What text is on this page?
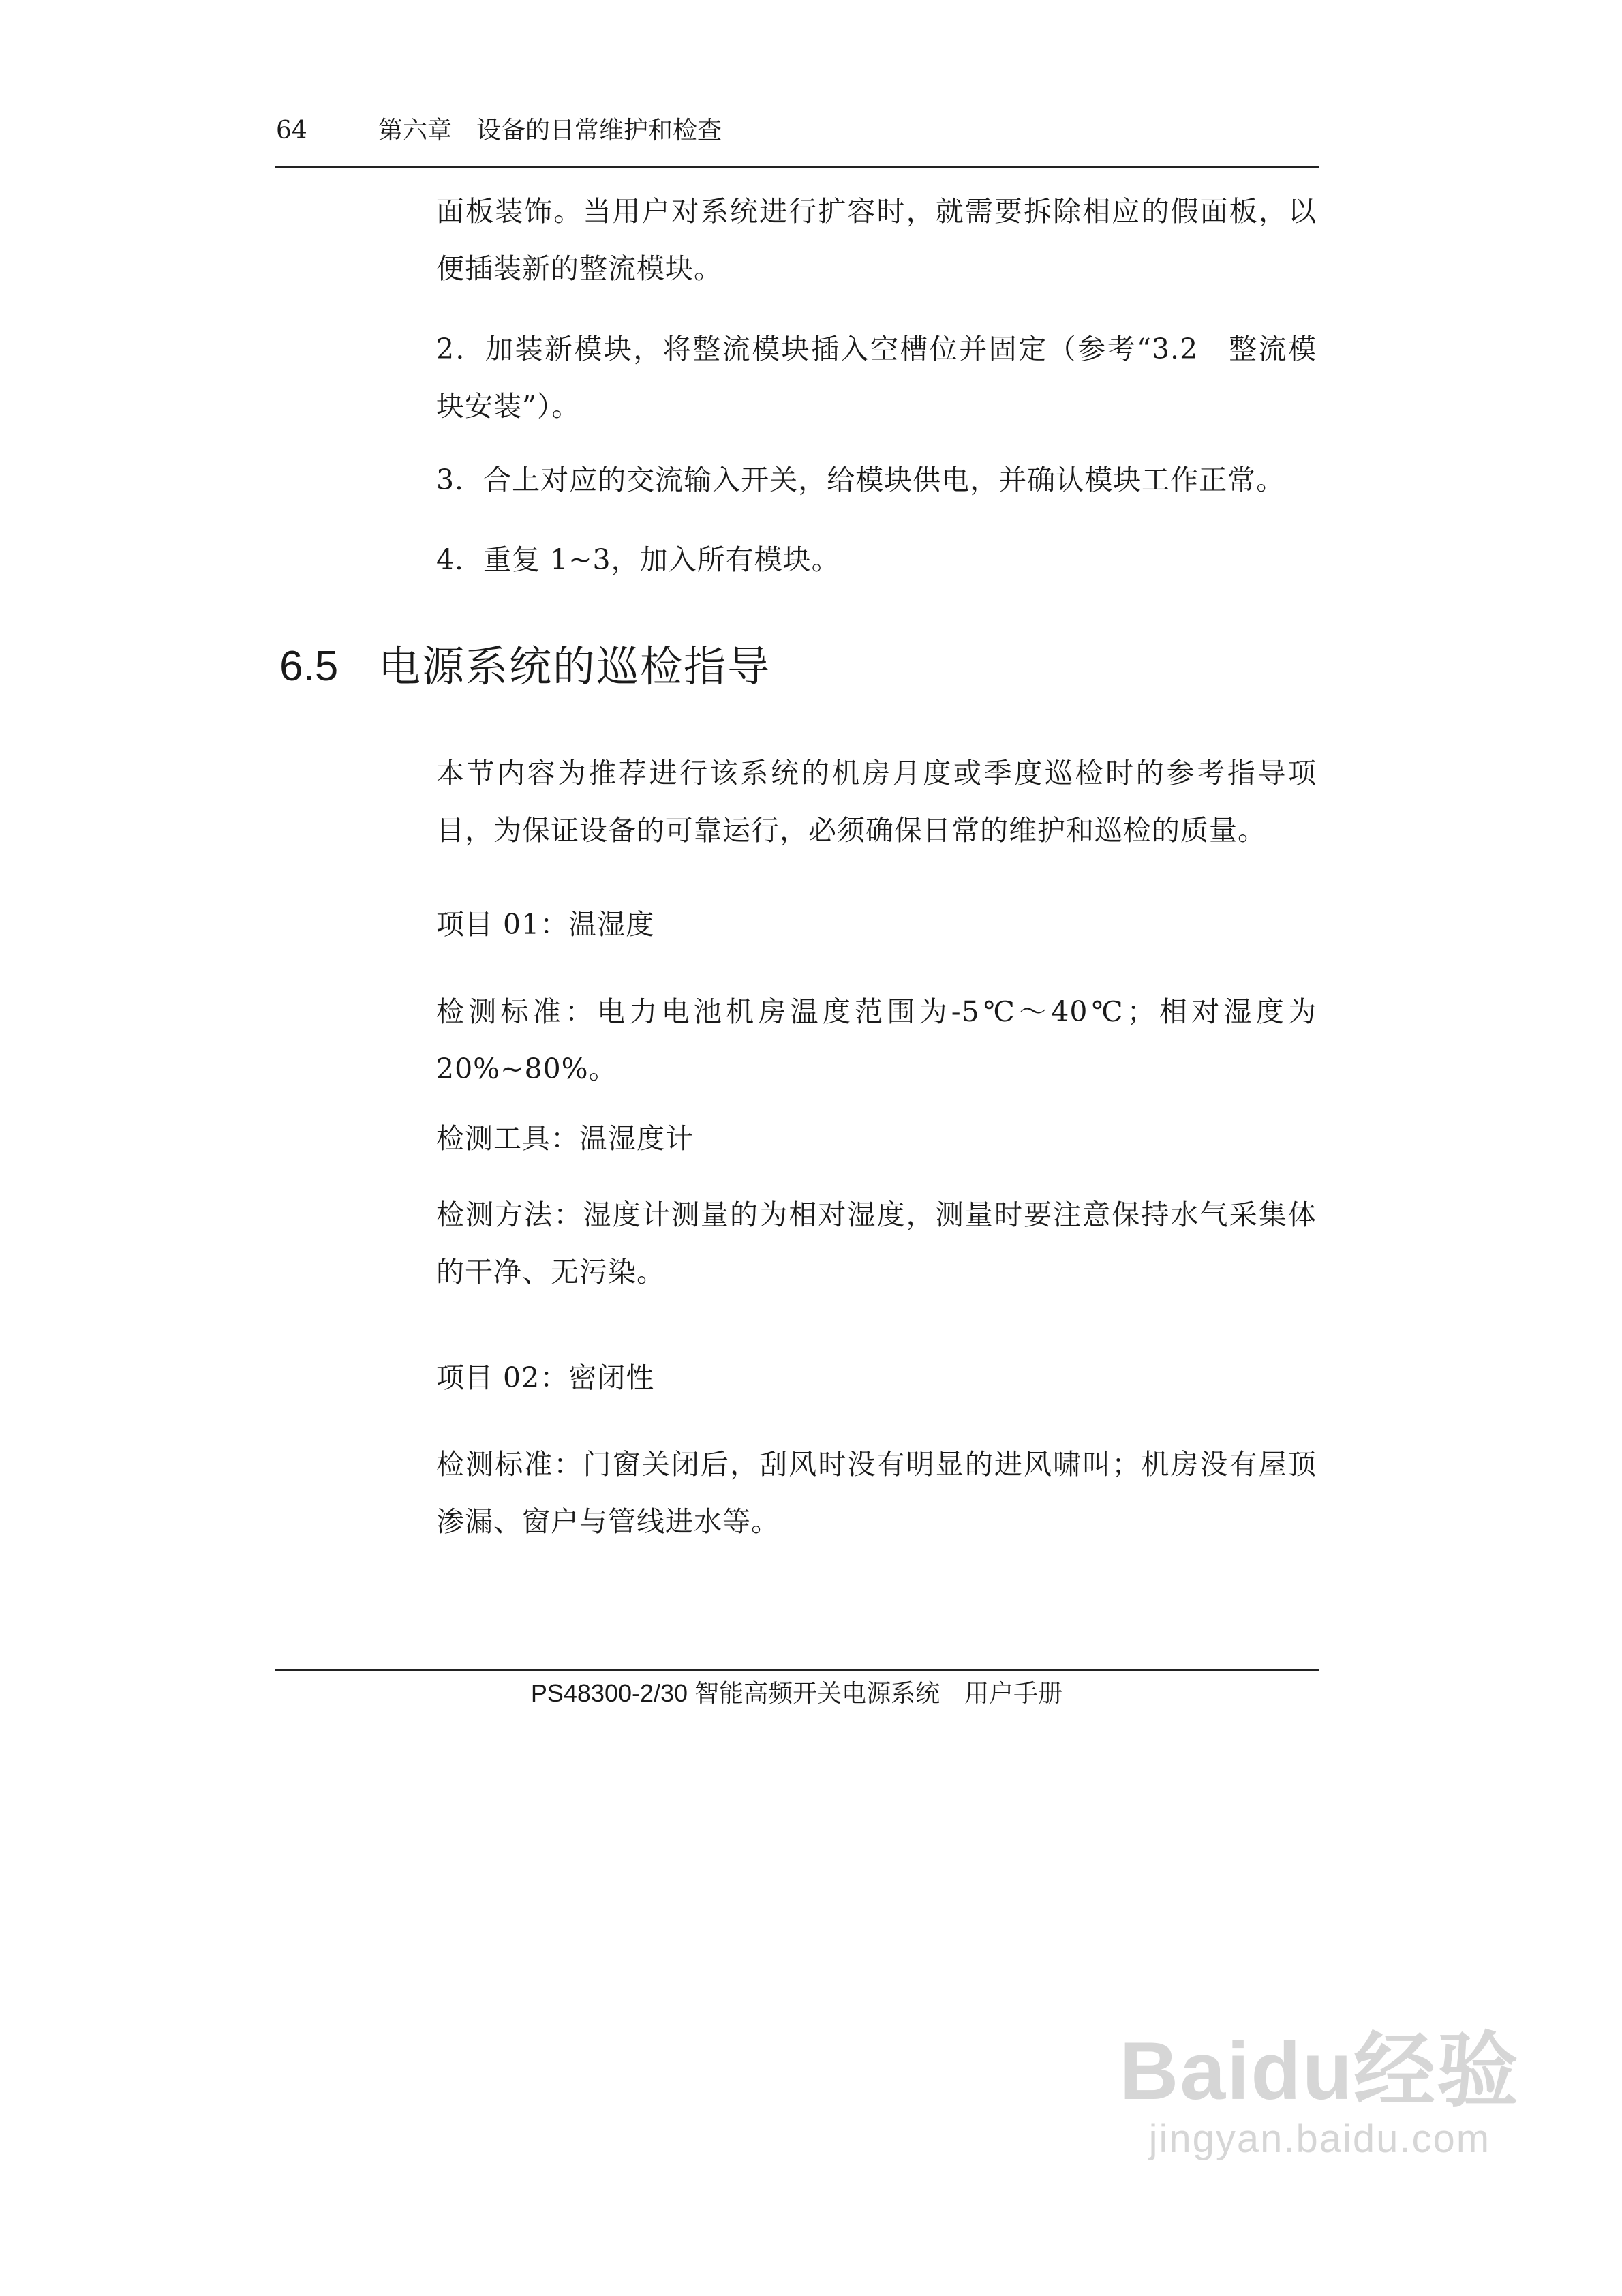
64	第六章　设备的日常维护和检查

面板装饰。当用户对系统进行扩容时，就需要拆除相应的假面板，以便插装新的整流模块。

2．加装新模块，将整流模块插入空槽位并固定（参考“3.2　整流模块安装”）。

3．合上对应的交流输入开关，给模块供电，并确认模块工作正常。

4．重复 1~3，加入所有模块。

6.5 电源系统的巡检指导

本节内容为推荐进行该系统的机房月度或季度巡检时的参考指导项目，为保证设备的可靠运行，必须确保日常的维护和巡检的质量。

项目 01：温湿度

检测标准：电力电池机房温度范围为-5℃～40℃；相对湿度为20%~80%。

检测工具：温湿度计

检测方法：湿度计测量的为相对湿度，测量时要注意保持水气采集体的干净、无污染。

项目 02：密闭性

检测标准：门窗关闭后，刮风时没有明显的进风啸叫；机房没有屋顶渗漏、窗户与管线进水等。

PS48300-2/30 智能高频开关电源系统　用户手册
Baidu经验
jingyan.baidu.com
